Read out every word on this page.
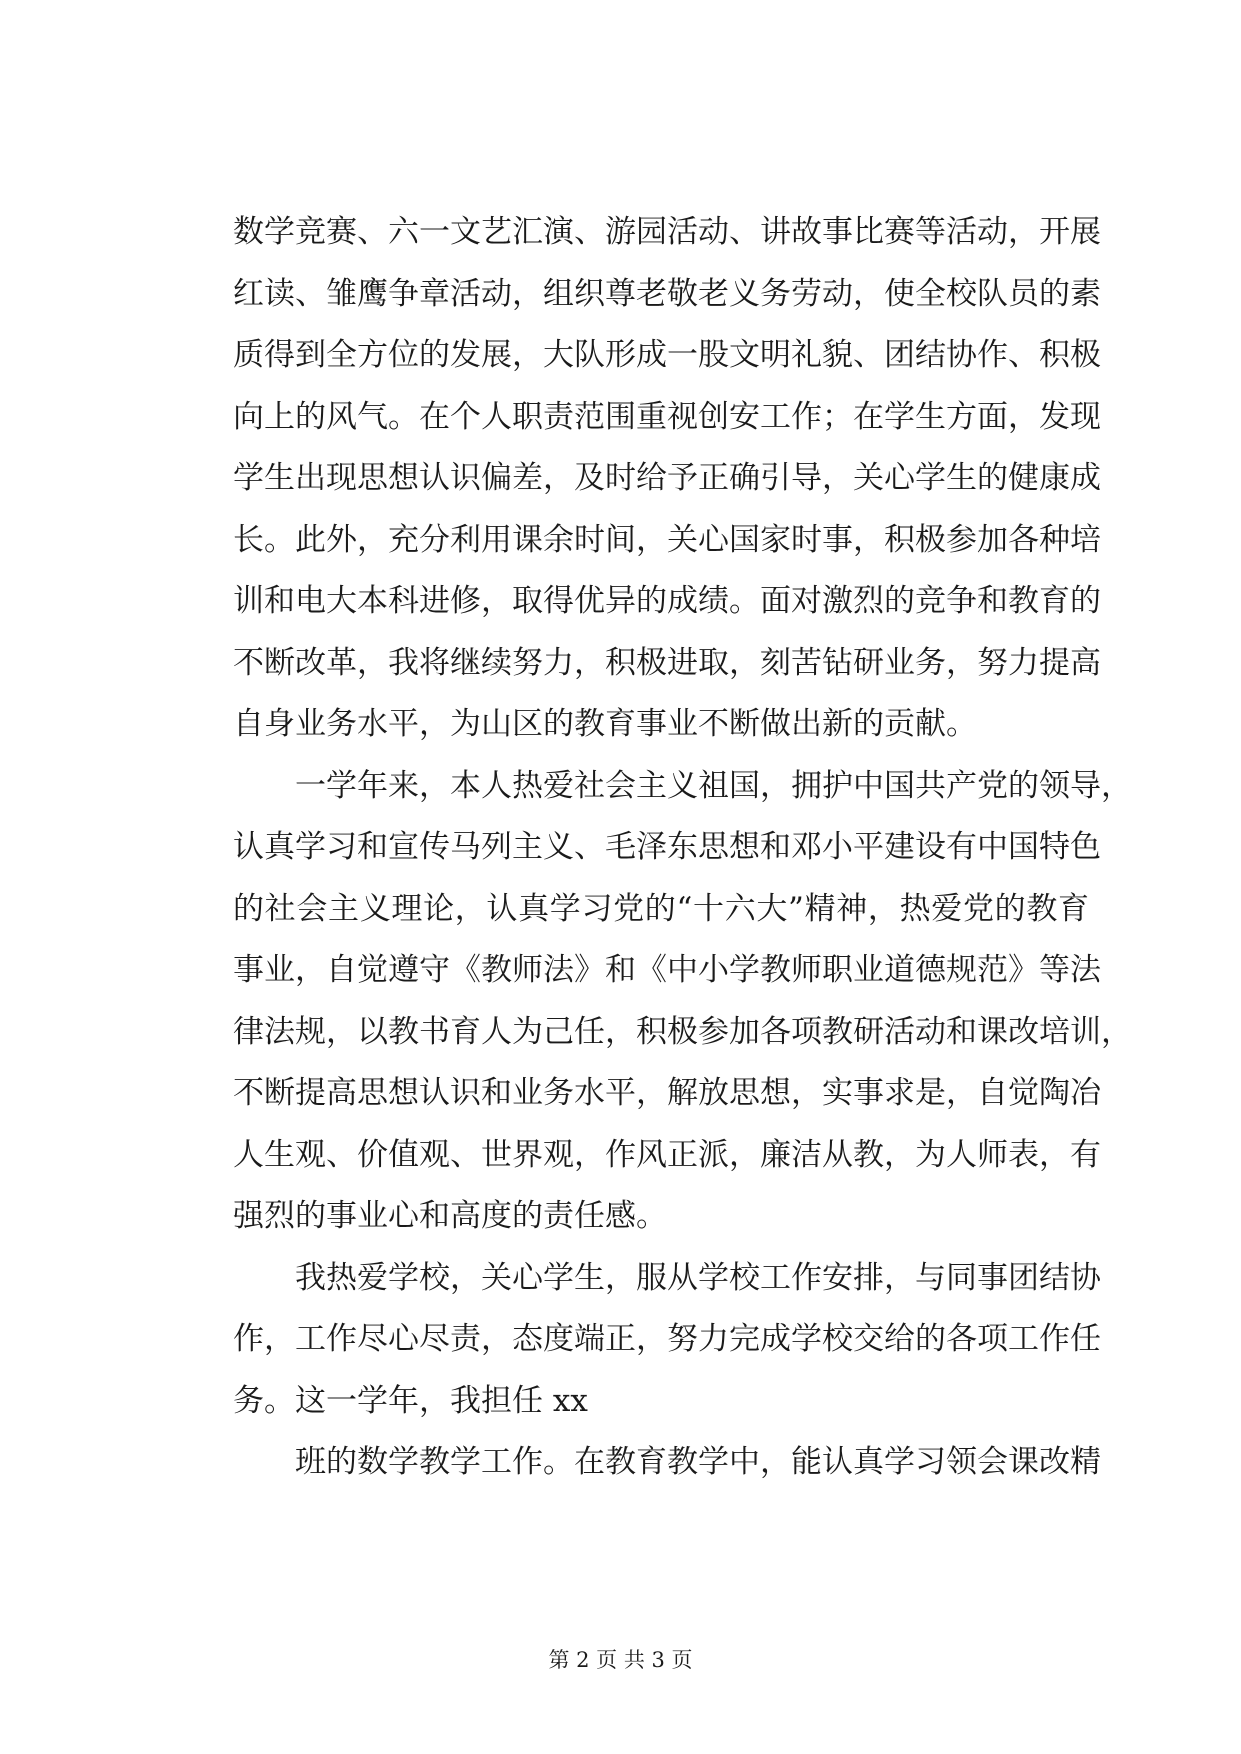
数学竞赛、六一文艺汇演、游园活动、讲故事比赛等活动，开展
红读、雏鹰争章活动，组织尊老敬老义务劳动，使全校队员的素
质得到全方位的发展，大队形成一股文明礼貌、团结协作、积极
向上的风气。在个人职责范围重视创安工作；在学生方面，发现
学生出现思想认识偏差，及时给予正确引导，关心学生的健康成
长。此外，充分利用课余时间，关心国家时事，积极参加各种培
训和电大本科进修，取得优异的成绩。面对激烈的竞争和教育的
不断改革，我将继续努力，积极进取，刻苦钻研业务，努力提高
自身业务水平，为山区的教育事业不断做出新的贡献。
一学年来，本人热爱社会主义祖国，拥护中国共产党的领导，
认真学习和宣传马列主义、毛泽东思想和邓小平建设有中国特色
的社会主义理论，认真学习党的“十六大”精神，热爱党的教育
事业，自觉遵守《教师法》和《中小学教师职业道德规范》等法
律法规，以教书育人为己任，积极参加各项教研活动和课改培训，
不断提高思想认识和业务水平，解放思想，实事求是，自觉陶冶
人生观、价值观、世界观，作风正派，廉洁从教，为人师表，有
强烈的事业心和高度的责任感。
我热爱学校，关心学生，服从学校工作安排，与同事团结协
作，工作尽心尽责，态度端正，努力完成学校交给的各项工作任
务。这一学年，我担任 xx
班的数学教学工作。在教育教学中，能认真学习领会课改精
第 2 页 共 3 页
